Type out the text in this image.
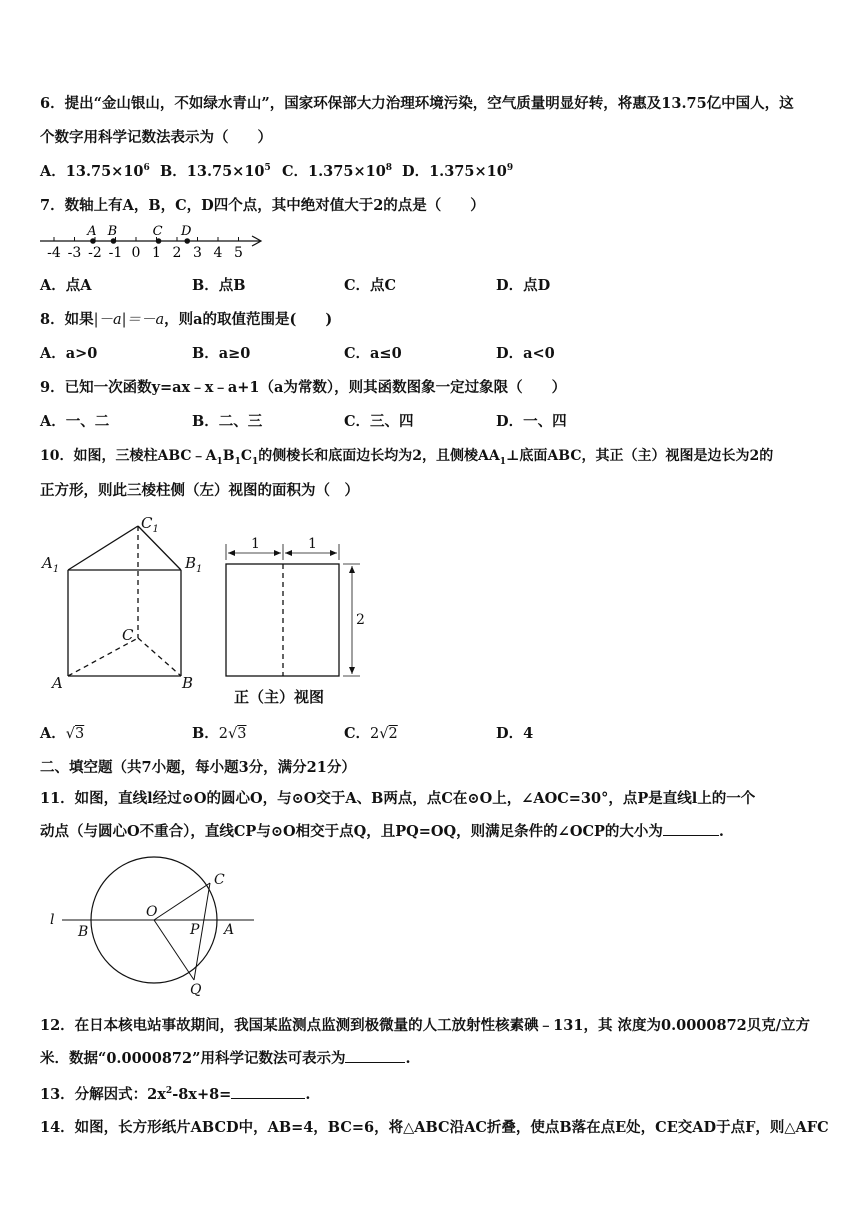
6．提出“金山银山，不如绿水青山”，国家环保部大力治理环境污染，空气质量明显好转，将惠及13.75亿中国人，这
个数字用科学记数法表示为（　　）
A．$13.75\times 10^6$ B．$13.75\times 10^5$ C．$1.375\times 10^8$ D．$1.375\times 10^9$
7．数轴上有A，B，C，D四个点，其中绝对值大于2的点是（　　）
-4 -3 -2 -1 0 1 2 3 4 5
A B	C D
A．点A	B．点B	C．点C	D．点D
8．如果|－a|＝－a，则a的取值范围是(　　)
A．a>0	B．a≥0	C．a≤0	D．a<0
9．已知一次函数y=ax﹣x﹣a+1（a为常数），则其函数图象一定过象限（　　）
A．一、二	B．二、三	C．三、四	D．一、四
10．如图，三棱柱$ABC﹣A_1B_1C_1$的侧棱长和底面边长均为2，且侧棱$AA_1\perp$底面ABC，其正（主）视图是边长为2的
正方形，则此三棱柱侧（左）视图的面积为（　）
$C_1$
$A_1$	$B_1$
C
A	B
1	1
2
正（主）视图
A．√3	B．2√3	C．2√2	D．4
二、填空题（共7小题，每小题3分，满分21分）
11．如图，直线l经过⊙O的圆心O，与⊙O交于A、B两点，点C在⊙O上，∠AOC=30°，点P是直线l上的一个
动点（与圆心O不重合），直线CP与⊙O相交于点Q，且PQ=OQ，则满足条件的∠OCP的大小为	.
l
B
O
C
P A
Q
12．在日本核电站事故期间，我国某监测点监测到极微量的人工放射性核素碘﹣131，其 浓度为0.0000872贝克/立方
米．数据“0.0000872”用科学记数法可表示为	.
13．分解因式：$2x^2-8x+8=$	.
14．如图，长方形纸片ABCD中，AB=4，BC=6，将△ABC沿AC折叠，使点B落在点E处，CE交AD于点F，则△AFC
